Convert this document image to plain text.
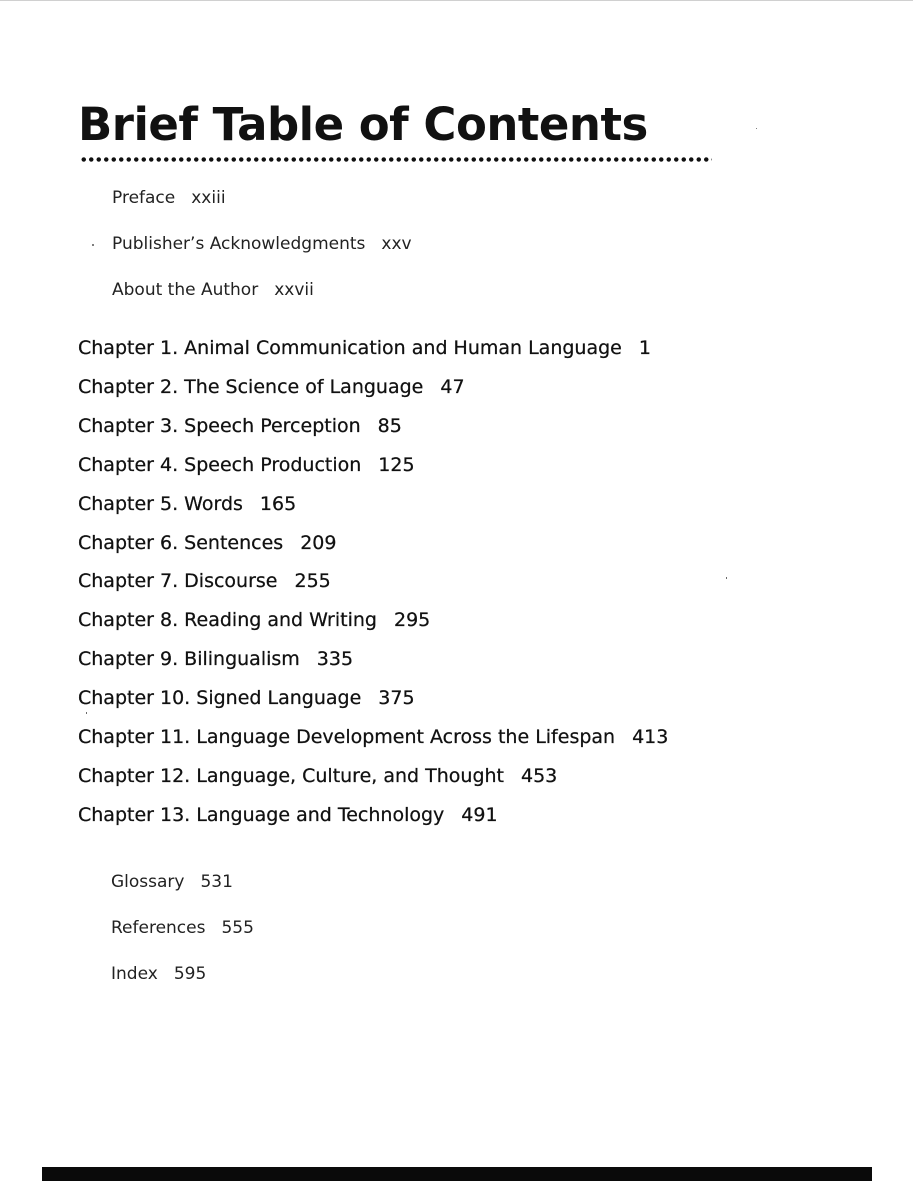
Brief Table of Contents
Preface xxiii
Publisher’s Acknowledgments xxv
About the Author xxvii
Chapter 1. Animal Communication and Human Language 1
Chapter 2. The Science of Language 47
Chapter 3. Speech Perception 85
Chapter 4. Speech Production 125
Chapter 5. Words 165
Chapter 6. Sentences 209
Chapter 7. Discourse 255
Chapter 8. Reading and Writing 295
Chapter 9. Bilingualism 335
Chapter 10. Signed Language 375
Chapter 11. Language Development Across the Lifespan 413
Chapter 12. Language, Culture, and Thought 453
Chapter 13. Language and Technology 491
Glossary 531
References 555
Index 595
